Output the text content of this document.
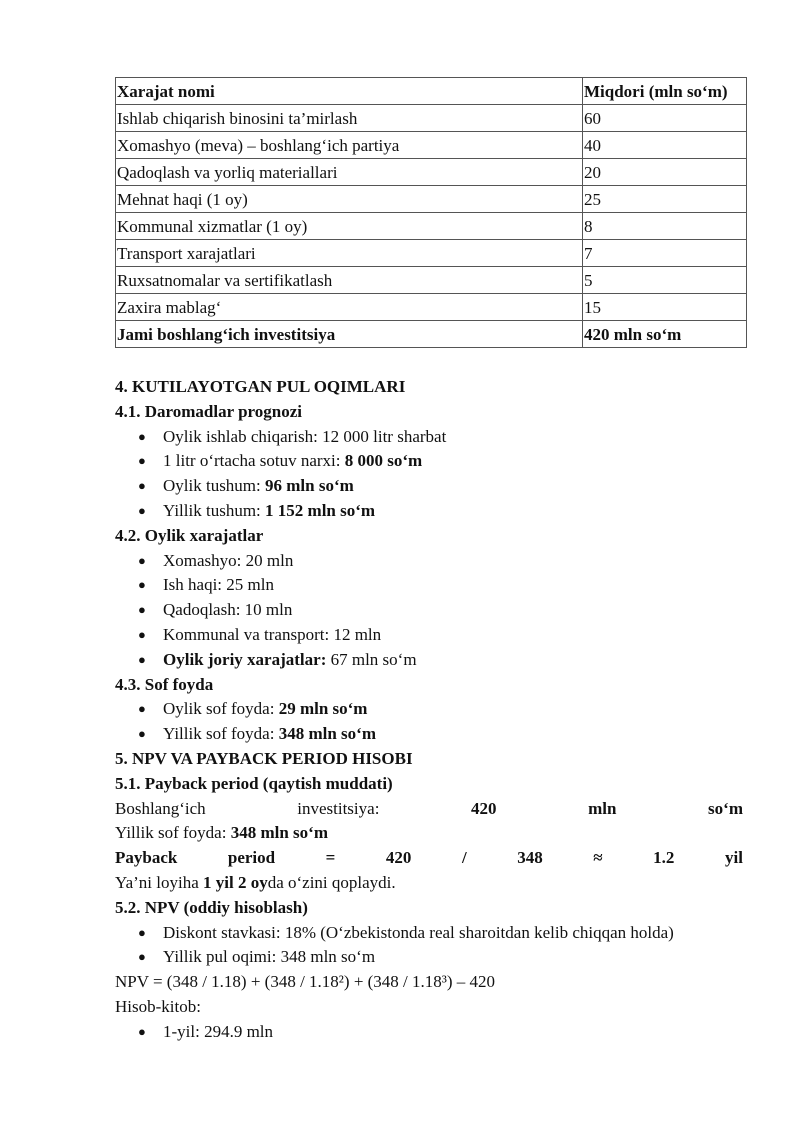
Xarajat nomi	Miqdori (mln so‘m)
Ishlab chiqarish binosini ta’mirlash	60
Xomashyo (meva) – boshlang‘ich partiya	40
Qadoqlash va yorliq materiallari	20
Mehnat haqi (1 oy)	25
Kommunal xizmatlar (1 oy)	8
Transport xarajatlari	7
Ruxsatnomalar va sertifikatlash	5
Zaxira mablag‘	15
Jami boshlang‘ich investitsiya	420 mln so‘m
4. KUTILAYOTGAN PUL OQIMLARI
4.1. Daromadlar prognozi
● Oylik ishlab chiqarish: 12 000 litr sharbat
● 1 litr o‘rtacha sotuv narxi: 8 000 so‘m
● Oylik tushum: 96 mln so‘m
● Yillik tushum: 1 152 mln so‘m
4.2. Oylik xarajatlar
● Xomashyo: 20 mln
● Ish haqi: 25 mln
● Qadoqlash: 10 mln
● Kommunal va transport: 12 mln
● Oylik joriy xarajatlar: 67 mln so‘m
4.3. Sof foyda
● Oylik sof foyda: 29 mln so‘m
● Yillik sof foyda: 348 mln so‘m
5. NPV VA PAYBACK PERIOD HISOBI
5.1. Payback period (qaytish muddati)
Boshlang‘ich	investitsiya:	420	mln	so‘m
Yillik sof foyda: 348 mln so‘m
Payback	period	=	420	/	348	≈	1.2	yil
Ya’ni loyiha 1 yil 2 oyda o‘zini qoplaydi.
5.2. NPV (oddiy hisoblash)
● Diskont stavkasi: 18% (O‘zbekistonda real sharoitdan kelib chiqqan holda)
● Yillik pul oqimi: 348 mln so‘m
NPV = (348 / 1.18) + (348 / 1.18²) + (348 / 1.18³) – 420
Hisob-kitob:
● 1-yil: 294.9 mln
